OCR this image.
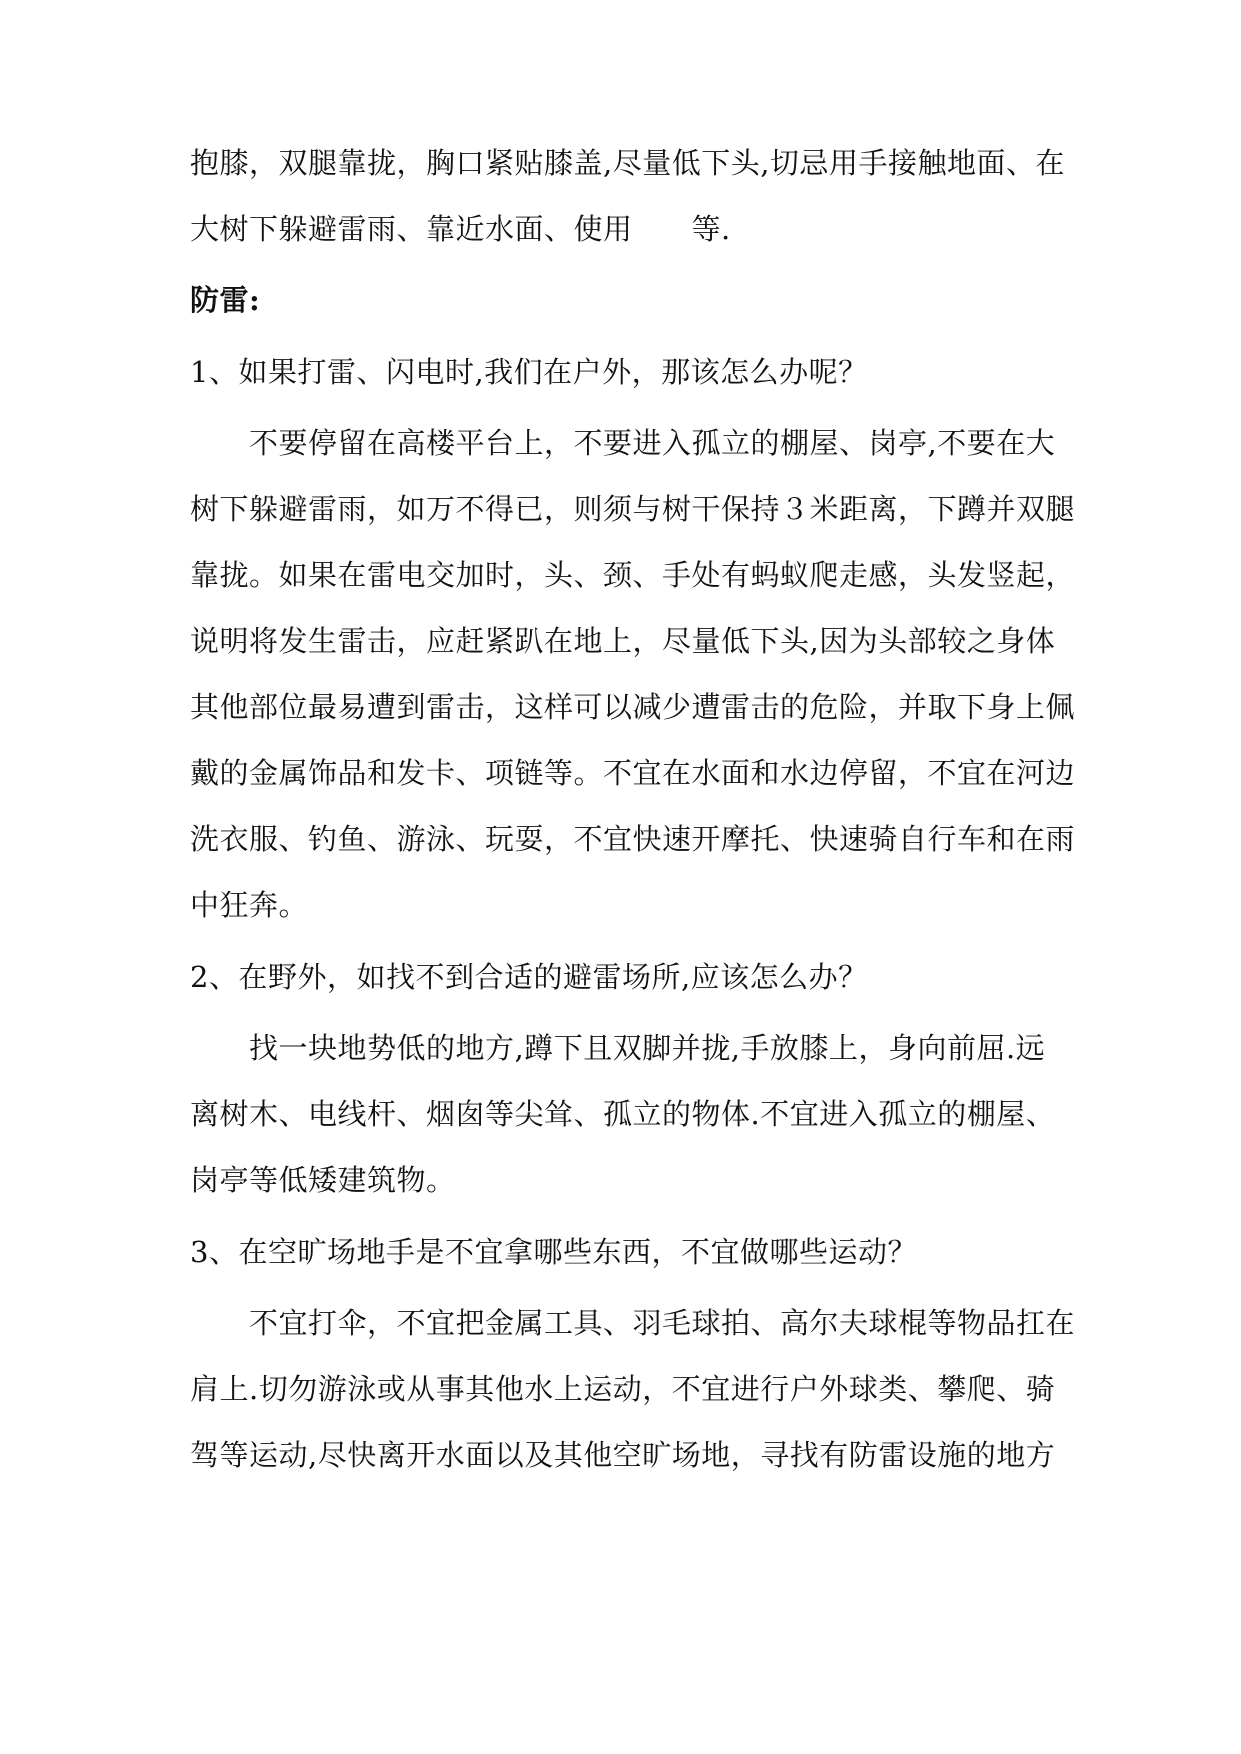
抱膝，双腿靠拢，胸口紧贴膝盖,尽量低下头,切忌用手接触地面、在
大树下躲避雷雨、靠近水面、使用　　等.
防雷:
1、如果打雷、闪电时,我们在户外，那该怎么办呢？
　　不要停留在高楼平台上，不要进入孤立的棚屋、岗亭,不要在大
树下躲避雷雨，如万不得已，则须与树干保持３米距离，下蹲并双腿
靠拢。如果在雷电交加时，头、颈、手处有蚂蚁爬走感，头发竖起，
说明将发生雷击，应赶紧趴在地上，尽量低下头,因为头部较之身体
其他部位最易遭到雷击，这样可以减少遭雷击的危险，并取下身上佩
戴的金属饰品和发卡、项链等。不宜在水面和水边停留，不宜在河边
洗衣服、钓鱼、游泳、玩耍，不宜快速开摩托、快速骑自行车和在雨
中狂奔。
2、在野外，如找不到合适的避雷场所,应该怎么办？
　　找一块地势低的地方,蹲下且双脚并拢,手放膝上，身向前屈.远
离树木、电线杆、烟囱等尖耸、孤立的物体.不宜进入孤立的棚屋、
岗亭等低矮建筑物。
3、在空旷场地手是不宜拿哪些东西，不宜做哪些运动？
　　不宜打伞，不宜把金属工具、羽毛球拍、高尔夫球棍等物品扛在
肩上.切勿游泳或从事其他水上运动，不宜进行户外球类、攀爬、骑
驾等运动,尽快离开水面以及其他空旷场地，寻找有防雷设施的地方
